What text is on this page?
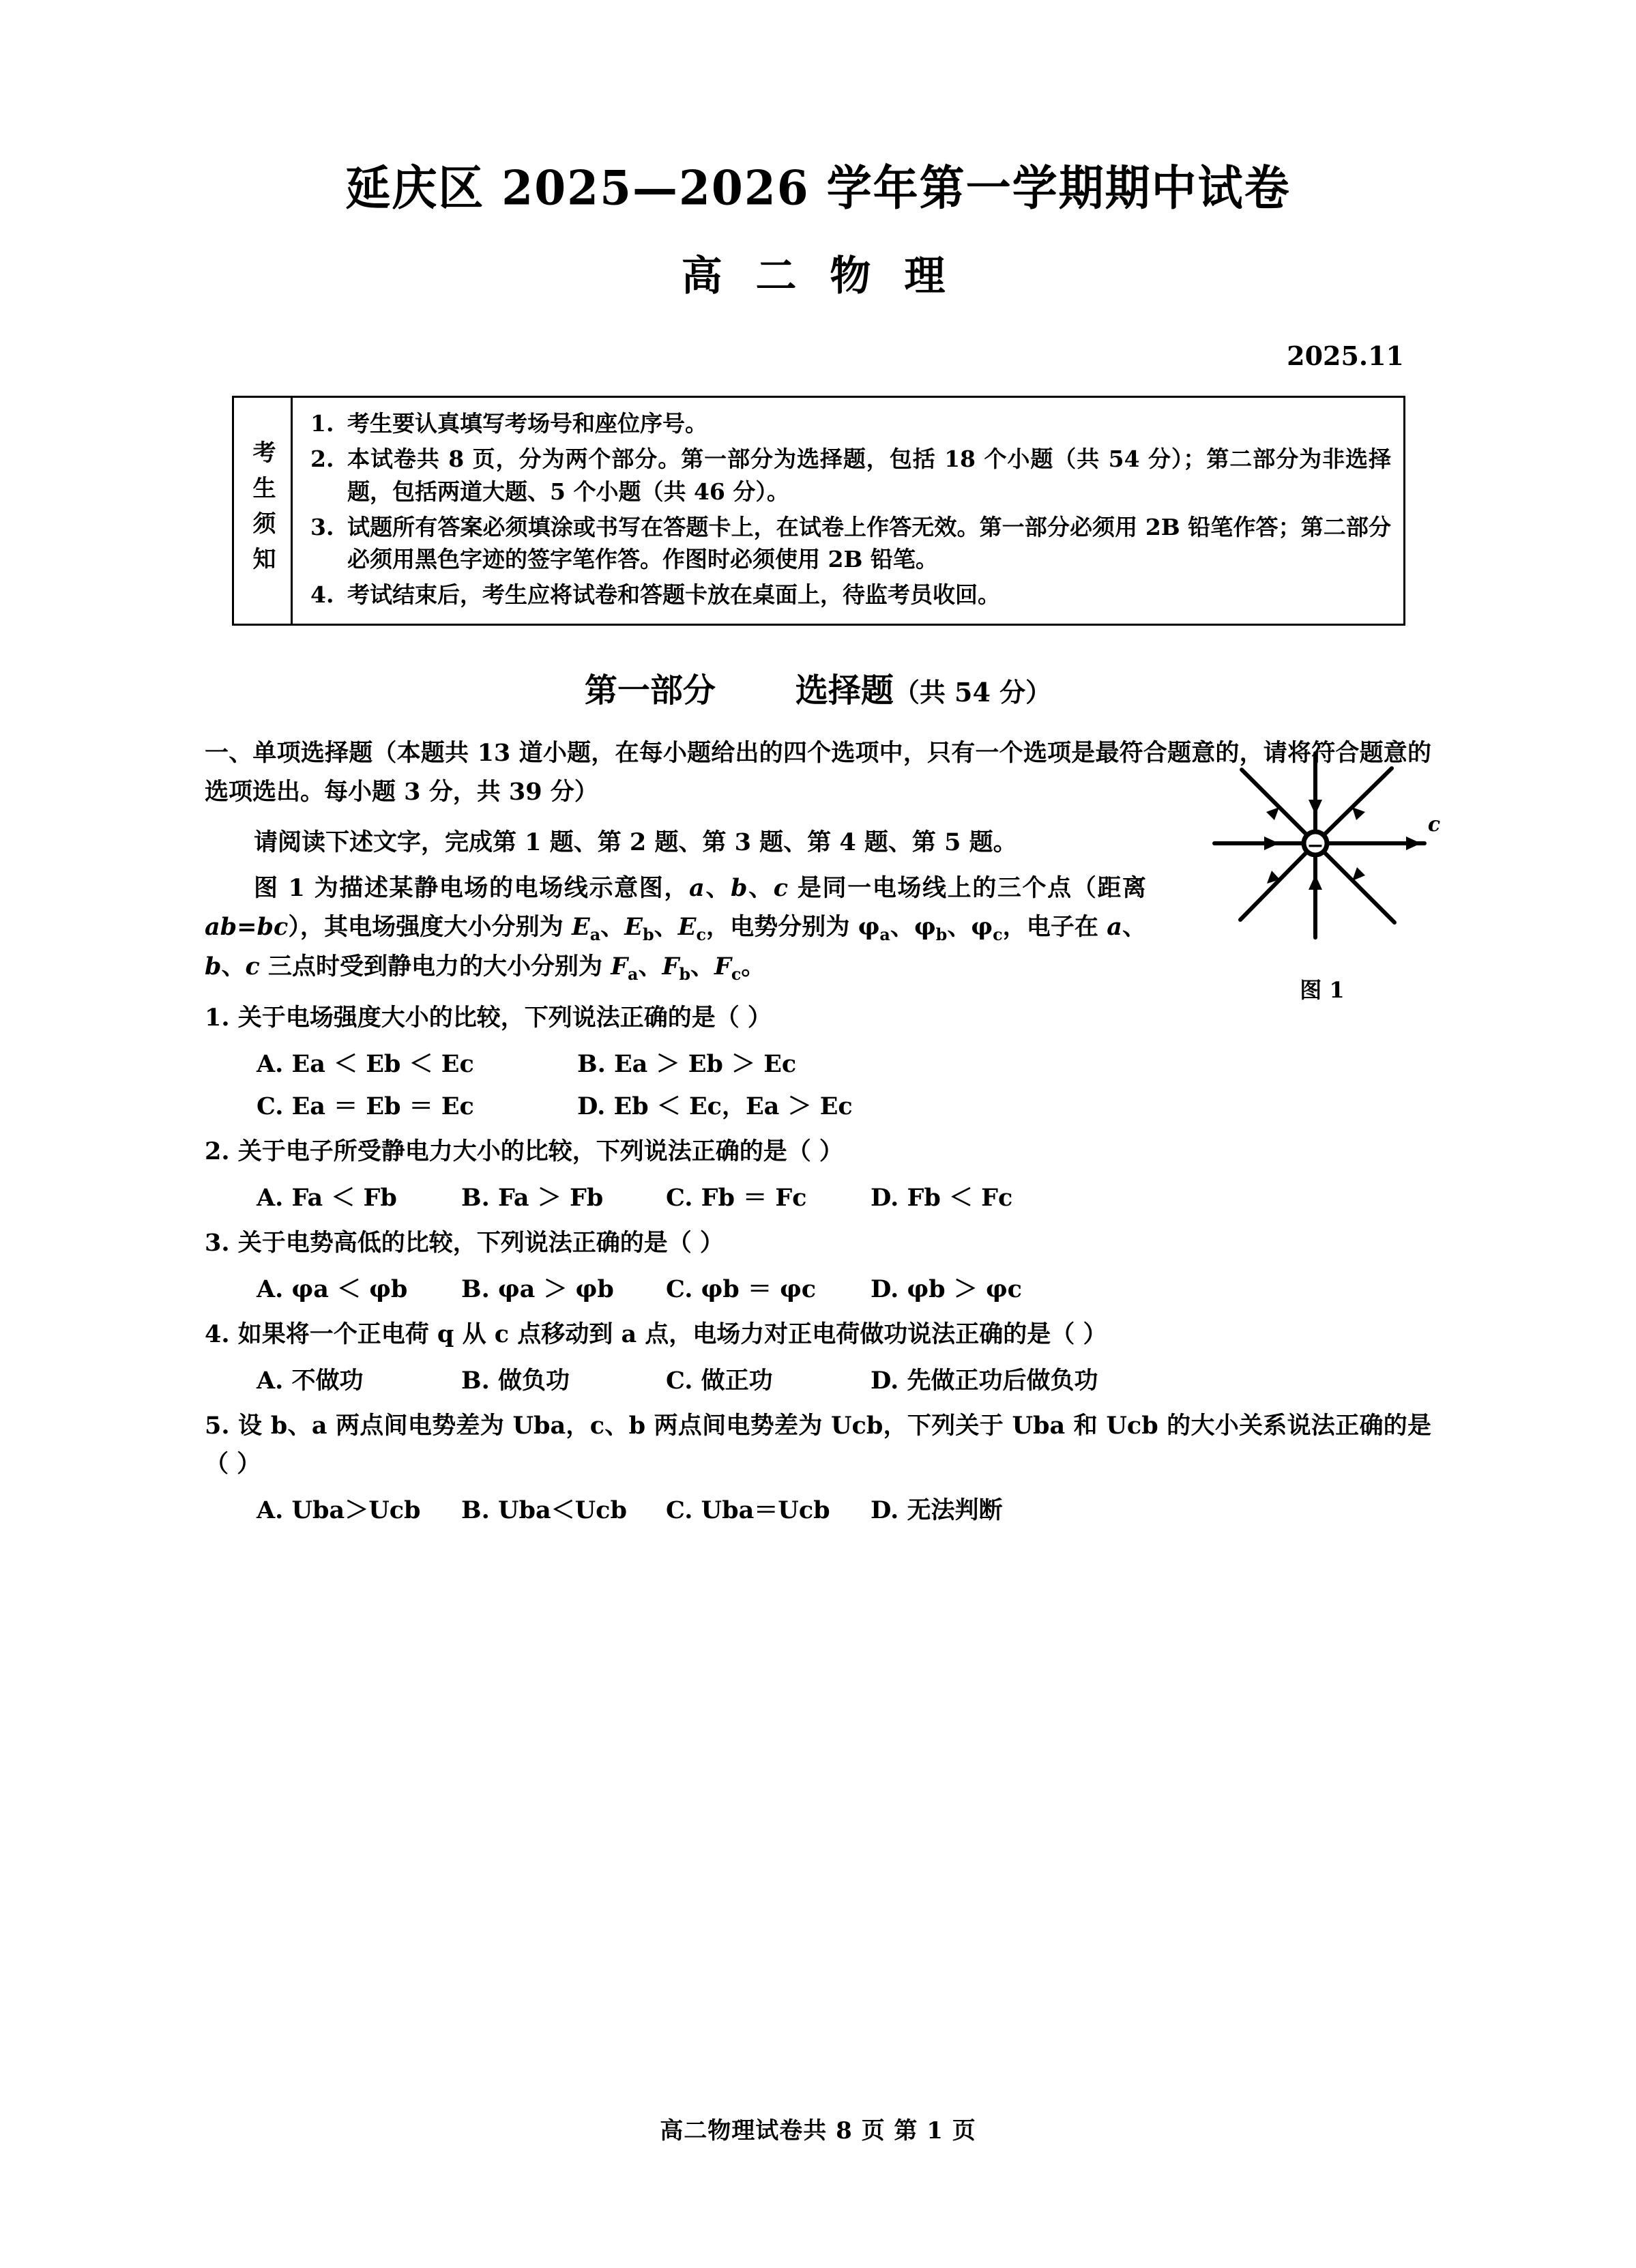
延庆区 2025—2026 学年第一学期期中试卷
高 二 物 理
2025.11
考生须知
1. 考生要认真填写考场号和座位序号。
2. 本试卷共 8 页，分为两个部分。第一部分为选择题，包括 18 个小题（共 54 分）；第二部分为非选择题，包括两道大题、5 个小题（共 46 分）。
3. 试题所有答案必须填涂或书写在答题卡上，在试卷上作答无效。第一部分必须用 2B 铅笔作答；第二部分必须用黑色字迹的签字笔作答。作图时必须使用 2B 铅笔。
4. 考试结束后，考生应将试卷和答题卡放在桌面上，待监考员收回。
第一部分 选择题（共 54 分）
一、单项选择题（本题共 13 道小题，在每小题给出的四个选项中，只有一个选项是最符合题意的，请将符合题意的选项选出。每小题 3 分，共 39 分）
请阅读下述文字，完成第 1 题、第 2 题、第 3 题、第 4 题、第 5 题。	−
c
图 1
图 1 为描述某静电场的电场线示意图，a、b、c 是同一电场线上的三个点（距离 ab=bc），其电场强度大小分别为 $E_a$、$E_b$、$E_c$，电势分别为 $\varphi_a$、$\varphi_b$、$\varphi_c$，电子在 a、b、c 三点时受到静电力的大小分别为 $F_a$、$F_b$、$F_c$。
1. 关于电场强度大小的比较，下列说法正确的是（ ）
A. Ea ＜ Eb ＜ Ec	B. Ea ＞ Eb ＞ Ec
C. Ea ＝ Eb ＝ Ec	D. Eb ＜ Ec，Ea ＞ Ec
2. 关于电子所受静电力大小的比较，下列说法正确的是（ ）
A. Fa ＜ Fb	B. Fa ＞ Fb	C. Fb ＝ Fc	D. Fb ＜ Fc
3. 关于电势高低的比较，下列说法正确的是（ ）
A. φa ＜ φb	B. φa ＞ φb	C. φb ＝ φc	D. φb ＞ φc
4. 如果将一个正电荷 q 从 c 点移动到 a 点，电场力对正电荷做功说法正确的是（ ）
A. 不做功	B. 做负功	C. 做正功	D. 先做正功后做负功
5. 设 b、a 两点间电势差为 Uba，c、b 两点间电势差为 Ucb，下列关于 Uba 和 Ucb 的大小关系说法正确的是（ ）
A. Uba＞Ucb	B. Uba＜Ucb	C. Uba＝Ucb	D. 无法判断
高二物理试卷共 8 页 第 1 页
